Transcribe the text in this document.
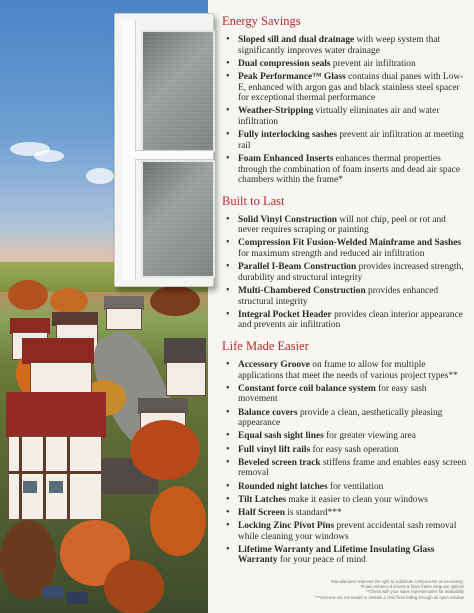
Energy Savings
• Sloped sill and dual drainage with weep system that significantly improves water drainage
• Dual compression seals prevent air infiltration
• Peak Performance™ Glass contains dual panes with Low-E, enhanced with argon gas and black stainless steel spacer for exceptional thermal performance
• Weather-Stripping virtually eliminates air and water infiltration
• Fully interlocking sashes prevent air infiltration at meeting rail
• Foam Enhanced Inserts enhances thermal properties through the combination of foam inserts and dead air space chambers within the frame*
Built to Last
• Solid Vinyl Construction will not chip, peel or rot and never requires scraping or painting
• Compression Fit Fusion-Welded Mainframe and Sashes for maximum strength and reduced air infiltration
• Parallel I-Beam Construction provides increased strength, durability and structural integrity
• Multi-Chambered Construction provides enhanced structural integrity
• Integral Pocket Header provides clean interior appearance and prevents air infiltration
Life Made Easier
• Accessory Groove on frame to allow for multiple applications that meet the needs of various project types**
• Constant force coil balance system for easy sash movement
• Balance covers provide a clean, aesthetically pleasing appearance
• Equal sash sight lines for greater viewing area
• Full vinyl lift rails for easy sash operation
• Beveled screen track stiffens frame and enables easy screen removal
• Rounded night latches for ventilation
• Tilt Latches make it easier to clean your windows
• Half Screen is standard***
• Locking Zinc Pivot Pins prevent accidental sash removal while cleaning your windows
• Lifetime Warranty and Lifetime Insulating Glass Warranty for your peace of mind
Manufacturer reserves the right to substitute components as necessary.
*Foam enhanced inserts & foam frame wrap are options
**Check with your sales representative for availability
***Screens are not meant to restrain a child from falling through an open window
